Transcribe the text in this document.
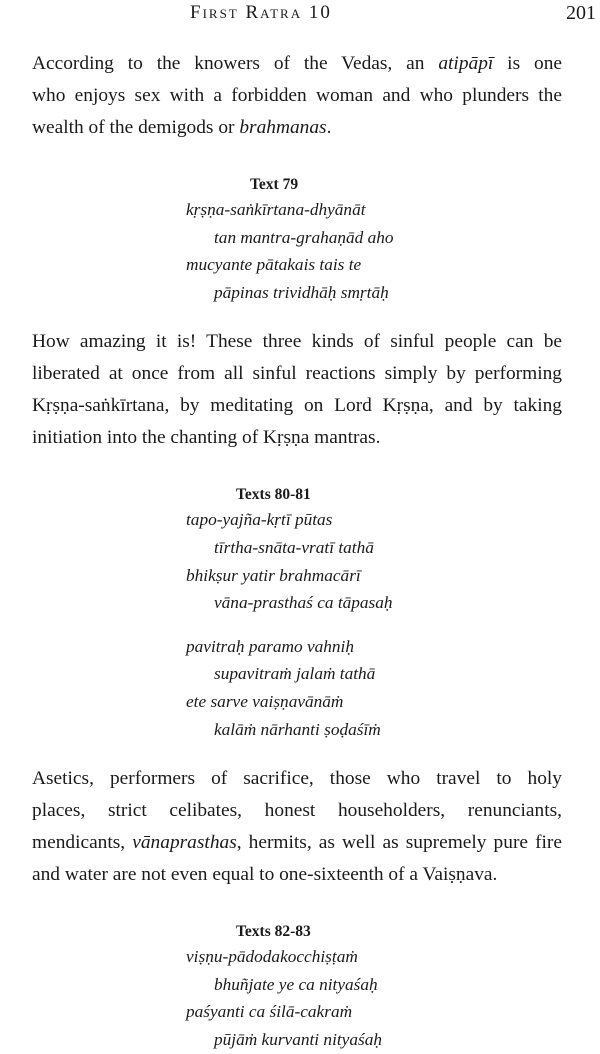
First Ratra 10	201

According to the knowers of the Vedas, an atipāpī is one
who enjoys sex with a forbidden woman and who plunders the
wealth of the demigods or brahmanas.

Text 79

kṛṣṇa-saṅkīrtana-dhyānāt
tan mantra-grahaṇād aho
mucyante pātakais tais te
pāpinas trividhāḥ smṛtāḥ

How amazing it is! These three kinds of sinful people can be
liberated at once from all sinful reactions simply by performing
Kṛṣṇa-saṅkīrtana, by meditating on Lord Kṛṣṇa, and by taking
initiation into the chanting of Kṛṣṇa mantras.

Texts 80-81

tapo-yajña-kṛtī pūtas
tīrtha-snāta-vratī tathā
bhikṣur yatir brahmacārī
vāna-prasthaś ca tāpasaḥ
pavitraḥ paramo vahniḥ
supavitraṁ jalaṁ tathā
ete sarve vaiṣṇavānāṁ
kalāṁ nārhanti ṣoḍaśīṁ

Asetics, performers of sacrifice, those who travel to holy
places, strict celibates, honest householders, renunciants,
mendicants, vānaprasthas, hermits, as well as supremely pure fire
and water are not even equal to one-sixteenth of a Vaiṣṇava.

Texts 82-83

viṣṇu-pādodakocchiṣṭaṁ
bhuñjate ye ca nityaśaḥ
paśyanti ca śilā-cakraṁ
pūjāṁ kurvanti nityaśaḥ
